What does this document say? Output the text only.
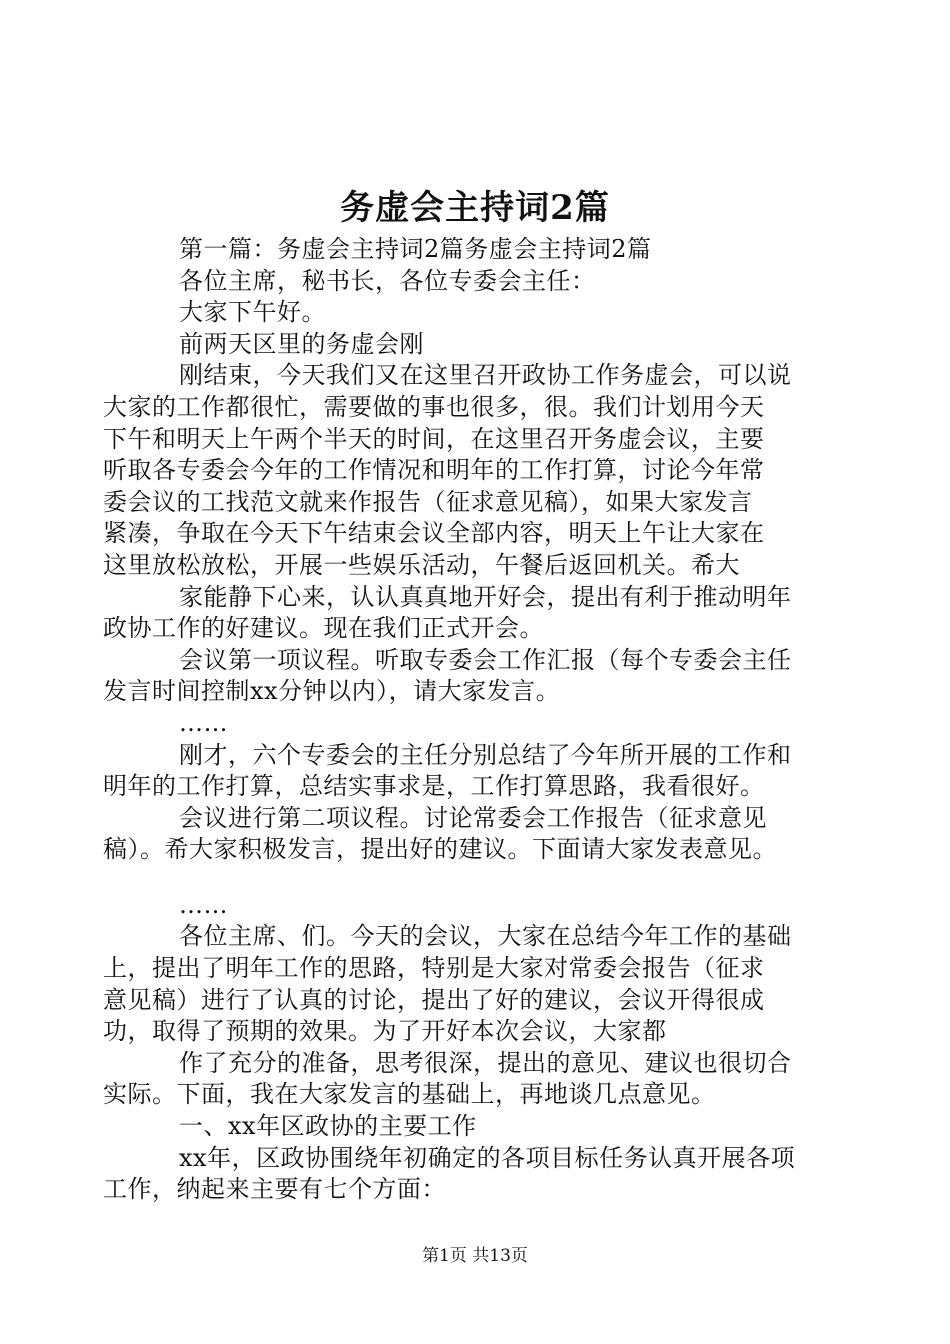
务虚会主持词2篇
第一篇：务虚会主持词2篇务虚会主持词2篇
各位主席，秘书长，各位专委会主任：
大家下午好。
前两天区里的务虚会刚
刚结束，今天我们又在这里召开政协工作务虚会，可以说
大家的工作都很忙，需要做的事也很多，很。我们计划用今天
下午和明天上午两个半天的时间，在这里召开务虚会议，主要
听取各专委会今年的工作情况和明年的工作打算，讨论今年常
委会议的工找范文就来作报告（征求意见稿），如果大家发言
紧凑，争取在今天下午结束会议全部内容，明天上午让大家在
这里放松放松，开展一些娱乐活动，午餐后返回机关。希大
家能静下心来，认认真真地开好会，提出有利于推动明年
政协工作的好建议。现在我们正式开会。
会议第一项议程。听取专委会工作汇报（每个专委会主任
发言时间控制xx分钟以内），请大家发言。
……
刚才，六个专委会的主任分别总结了今年所开展的工作和
明年的工作打算，总结实事求是，工作打算思路，我看很好。
会议进行第二项议程。讨论常委会工作报告（征求意见
稿）。希大家积极发言，提出好的建议。下面请大家发表意见。
……
各位主席、们。今天的会议，大家在总结今年工作的基础
上，提出了明年工作的思路，特别是大家对常委会报告（征求
意见稿）进行了认真的讨论，提出了好的建议，会议开得很成
功，取得了预期的效果。为了开好本次会议，大家都
作了充分的准备，思考很深，提出的意见、建议也很切合
实际。下面，我在大家发言的基础上，再地谈几点意见。
一、xx年区政协的主要工作
xx年，区政协围绕年初确定的各项目标任务认真开展各项
工作，纳起来主要有七个方面：
第1页 共13页
